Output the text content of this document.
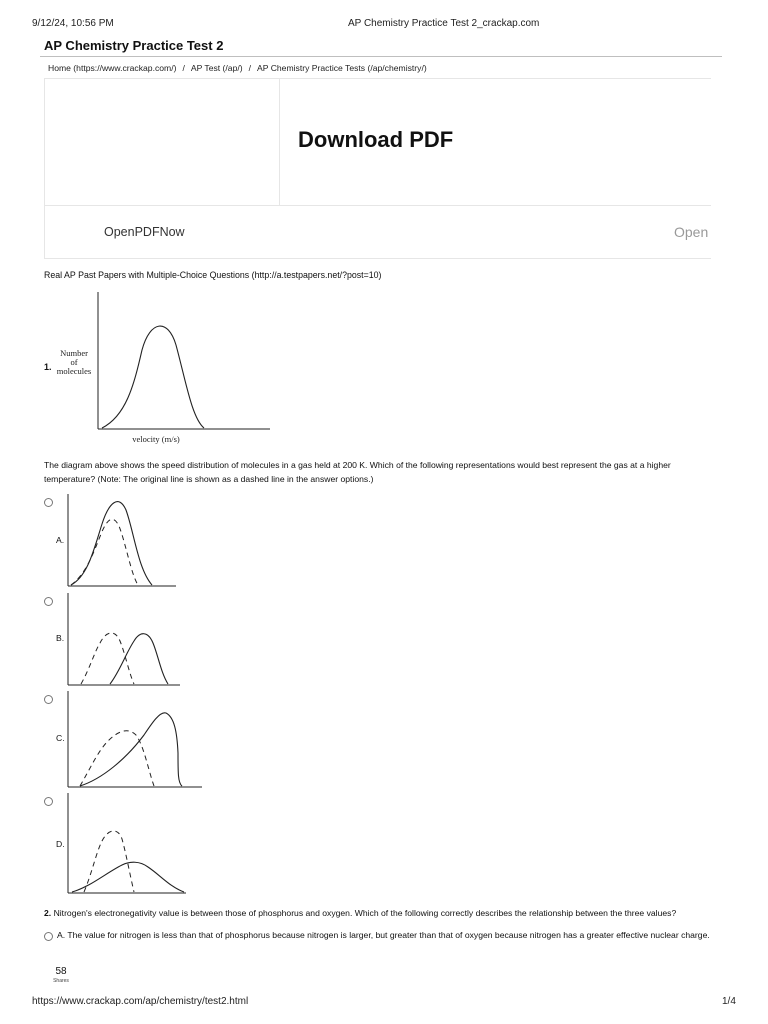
9/12/24, 10:56 PM	AP Chemistry Practice Test 2_crackap.com
AP Chemistry Practice Test 2
Home (https://www.crackap.com/) / AP Test (/ap/) / AP Chemistry Practice Tests (/ap/chemistry/)
Download PDF
OpenPDFNow	Open
Real AP Past Papers with Multiple-Choice Questions (http://a.testpapers.net/?post=10)
1.
Number
of
molecules
velocity (m/s)
The diagram above shows the speed distribution of molecules in a gas held at 200 K. Which of the following representations would best represent the gas at a higher temperature? (Note: The original line is shown as a dashed line in the answer options.)
A.
B.
C.
D.
2. Nitrogen's electronegativity value is between those of phosphorus and oxygen. Which of the following correctly describes the relationship between the three values?
A. The value for nitrogen is less than that of phosphorus because nitrogen is larger, but greater than that of oxygen because nitrogen has a greater effective nuclear charge.
58
Shares
https://www.crackap.com/ap/chemistry/test2.html	1/4
